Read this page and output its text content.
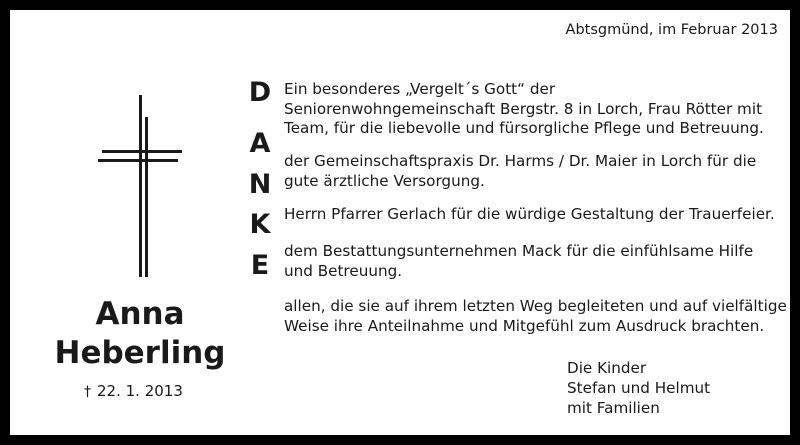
Abtsgmünd, im Februar 2013
Anna
Heberling
† 22. 1. 2013
D
A
N
K
E
Ein besonderes „Vergelt´s Gott“ der
Seniorenwohngemeinschaft Bergstr. 8 in Lorch, Frau Rötter mit
Team, für die liebevolle und fürsorgliche Pflege und Betreuung.
der Gemeinschaftspraxis Dr. Harms / Dr. Maier in Lorch für die
gute ärztliche Versorgung.
Herrn Pfarrer Gerlach für die würdige Gestaltung der Trauerfeier.
dem Bestattungsunternehmen Mack für die einfühlsame Hilfe
und Betreuung.
allen, die sie auf ihrem letzten Weg begleiteten und auf vielfältige
Weise ihre Anteilnahme und Mitgefühl zum Ausdruck brachten.
Die Kinder
Stefan und Helmut
mit Familien
